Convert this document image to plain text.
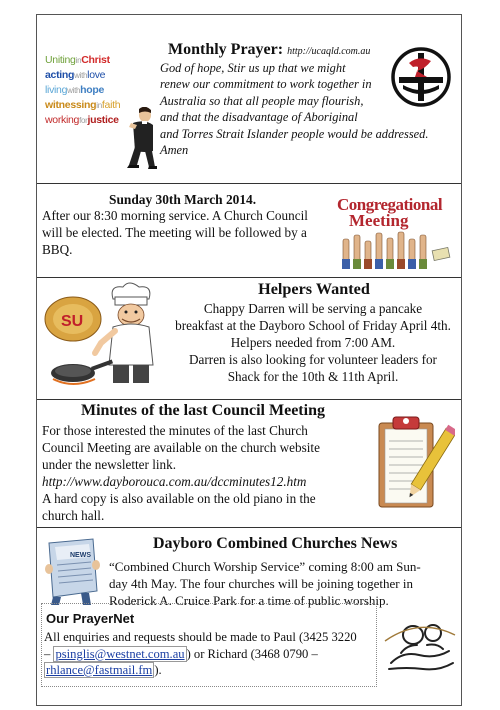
UnitinginChrist
actingwithlove
livingwithhope
witnessinginfaith
workingforjustice
Monthly Prayer: http://ucaqld.com.au

God of hope, Stir us up that we might

renew our commitment to work together in

Australia so that all people may flourish,

and that the disadvantage of Aboriginal

and Torres Strait Islander people would be addressed.

Amen

Sunday 30th March 2014.

After our 8:30 morning service. A Church Council

will be elected. The meeting will be followed by a

BBQ.

Congregational
Meeting
SU

Helpers Wanted

Chappy Darren will be serving a pancake

breakfast at the Dayboro School of Friday April 4th.

Helpers needed from 7:00 AM.

Darren is also looking for volunteer leaders for

Shack for the 10th & 11th April.

Minutes of the last Council Meeting

For those interested the minutes of the last Church

Council Meeting are available on the church website

under the newsletter link.

http://www.dayborouca.com.au/dccminutes12.htm

A hard copy is also available on the old piano in the

church hall.

NEWS

Dayboro Combined Churches News

“Combined Church Worship Service” coming 8:00 am Sun-

day 4th May. The four churches will be joining together in

Roderick A. Cruice Park for a time of public worship.

Our PrayerNet

All enquiries and requests should be made to Paul (3425 3220

– psinglis@westnet.com.au ) or Richard (3468 0790 –

rhlance@fastmail.fm ).
